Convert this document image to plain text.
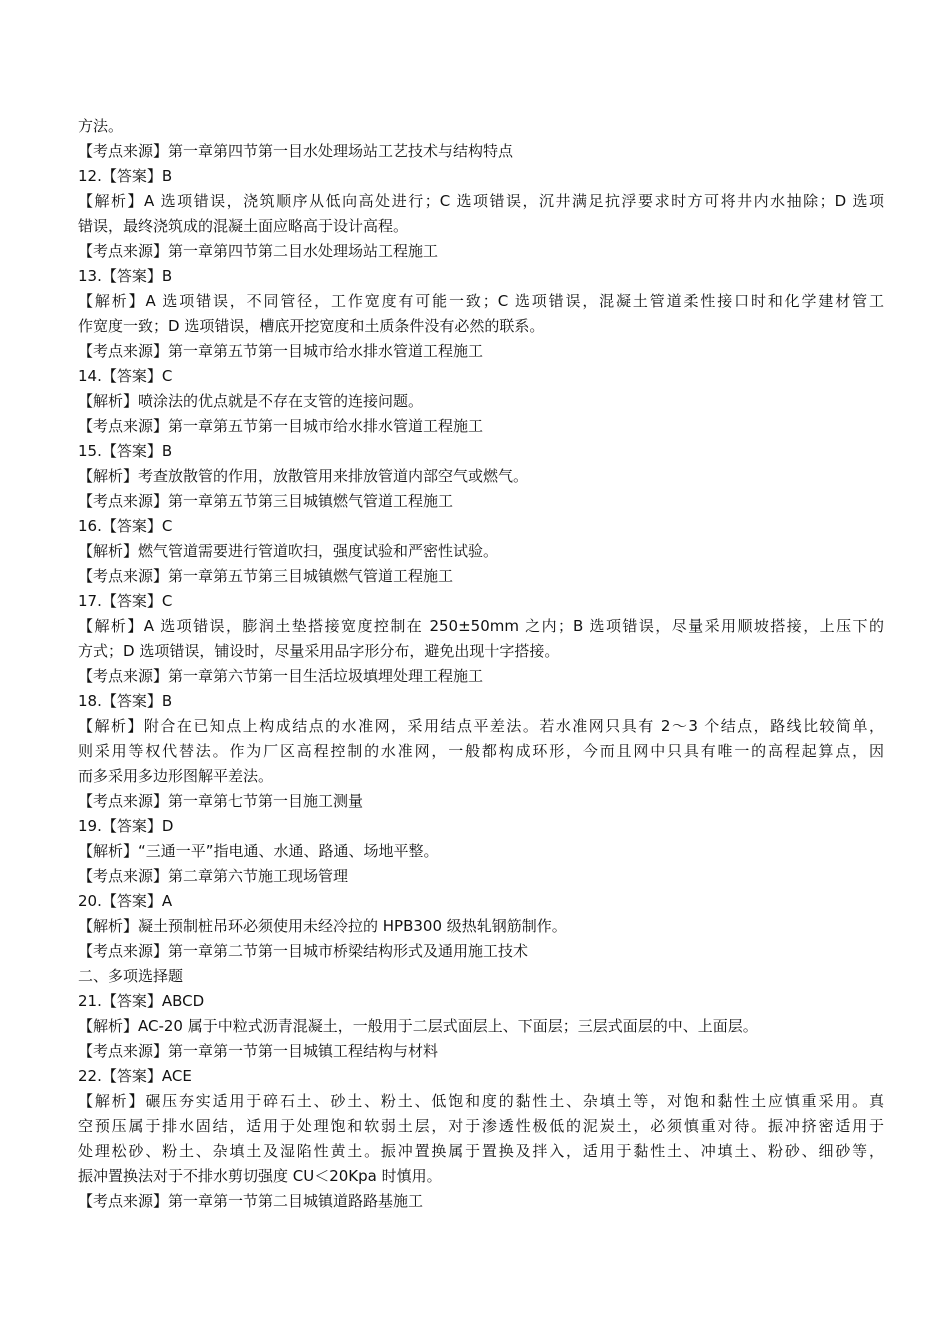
方法。

【考点来源】第一章第四节第一目水处理场站工艺技术与结构特点

12.【答案】B

【解析】A 选项错误，浇筑顺序从低向高处进行；C 选项错误，沉井满足抗浮要求时方可将井内水抽除；D 选项

错误，最终浇筑成的混凝土面应略高于设计高程。

【考点来源】第一章第四节第二目水处理场站工程施工

13.【答案】B

【解析】A 选项错误，不同管径，工作宽度有可能一致；C 选项错误，混凝土管道柔性接口时和化学建材管工

作宽度一致；D 选项错误，槽底开挖宽度和土质条件没有必然的联系。

【考点来源】第一章第五节第一目城市给水排水管道工程施工

14.【答案】C

【解析】喷涂法的优点就是不存在支管的连接问题。

【考点来源】第一章第五节第一目城市给水排水管道工程施工

15.【答案】B

【解析】考查放散管的作用，放散管用来排放管道内部空气或燃气。

【考点来源】第一章第五节第三目城镇燃气管道工程施工

16.【答案】C

【解析】燃气管道需要进行管道吹扫，强度试验和严密性试验。

【考点来源】第一章第五节第三目城镇燃气管道工程施工

17.【答案】C

【解析】A 选项错误，膨润土垫搭接宽度控制在 250±50mm 之内；B 选项错误，尽量采用顺坡搭接，上压下的

方式；D 选项错误，铺设时，尽量采用品字形分布，避免出现十字搭接。

【考点来源】第一章第六节第一目生活垃圾填埋处理工程施工

18.【答案】B

【解析】附合在已知点上构成结点的水准网，采用结点平差法。若水准网只具有 2～3 个结点，路线比较简单，

则采用等权代替法。作为厂区高程控制的水准网，一般都构成环形，今而且网中只具有唯一的高程起算点，因

而多采用多边形图解平差法。

【考点来源】第一章第七节第一目施工测量

19.【答案】D

【解析】“三通一平”指电通、水通、路通、场地平整。

【考点来源】第二章第六节施工现场管理

20.【答案】A

【解析】凝土预制桩吊环必须使用未经冷拉的 HPB300 级热轧钢筋制作。

【考点来源】第一章第二节第一目城市桥梁结构形式及通用施工技术

二、多项选择题

21.【答案】ABCD

【解析】AC-20 属于中粒式沥青混凝土，一般用于二层式面层上、下面层；三层式面层的中、上面层。

【考点来源】第一章第一节第一目城镇工程结构与材料

22.【答案】ACE

【解析】碾压夯实适用于碎石土、砂土、粉土、低饱和度的黏性土、杂填土等，对饱和黏性土应慎重采用。真

空预压属于排水固结，适用于处理饱和软弱土层，对于渗透性极低的泥炭土，必须慎重对待。振冲挤密适用于

处理松砂、粉土、杂填土及湿陷性黄土。振冲置换属于置换及拌入，适用于黏性土、冲填土、粉砂、细砂等，

振冲置换法对于不排水剪切强度 CU＜20Kpa 时慎用。

【考点来源】第一章第一节第二目城镇道路路基施工
